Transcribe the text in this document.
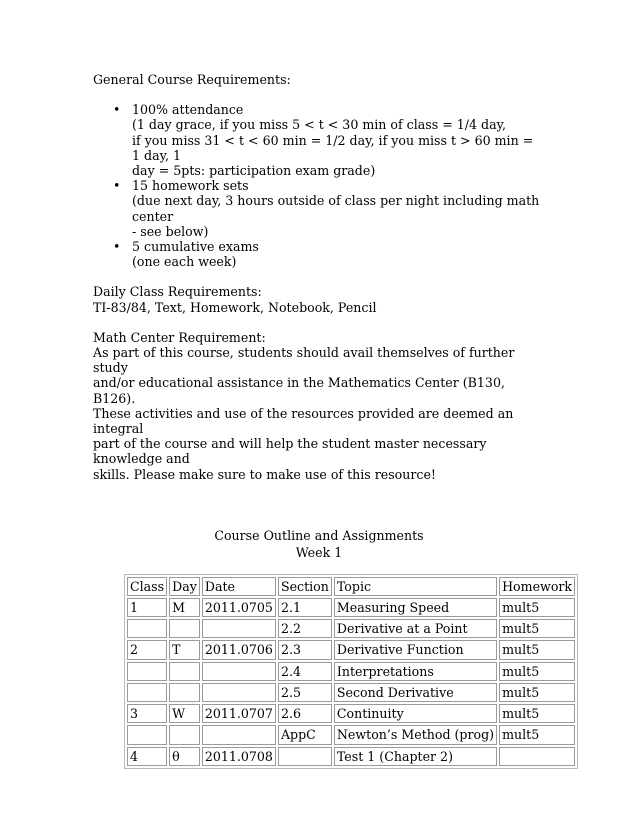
General Course Requirements:

• 100% attendance
(1 day grace, if you miss 5 < t < 30 min of class = 1/4 day,
if you miss 31 < t < 60 min = 1/2 day, if you miss t > 60 min = 1 day, 1
day = 5pts: participation exam grade)
• 15 homework sets
(due next day, 3 hours outside of class per night including math center
- see below)
• 5 cumulative exams
(one each week)

Daily Class Requirements:

TI-83/84, Text, Homework, Notebook, Pencil

Math Center Requirement:

As part of this course, students should avail themselves of further study

and/or educational assistance in the Mathematics Center (B130, B126).

These activities and use of the resources provided are deemed an integral

part of the course and will help the student master necessary knowledge and

skills. Please make sure to make use of this resource!

Course Outline and Assignments
Week 1
Class	Day	Date	Section	Topic	Homework
1	M	2011.0705	2.1	Measuring Speed	mult5
			2.2	Derivative at a Point	mult5
2	T	2011.0706	2.3	Derivative Function	mult5
			2.4	Interpretations	mult5
			2.5	Second Derivative	mult5
3	W	2011.0707	2.6	Continuity	mult5
			AppC	Newton’s Method (prog)	mult5
4	θ	2011.0708		Test 1 (Chapter 2)	
